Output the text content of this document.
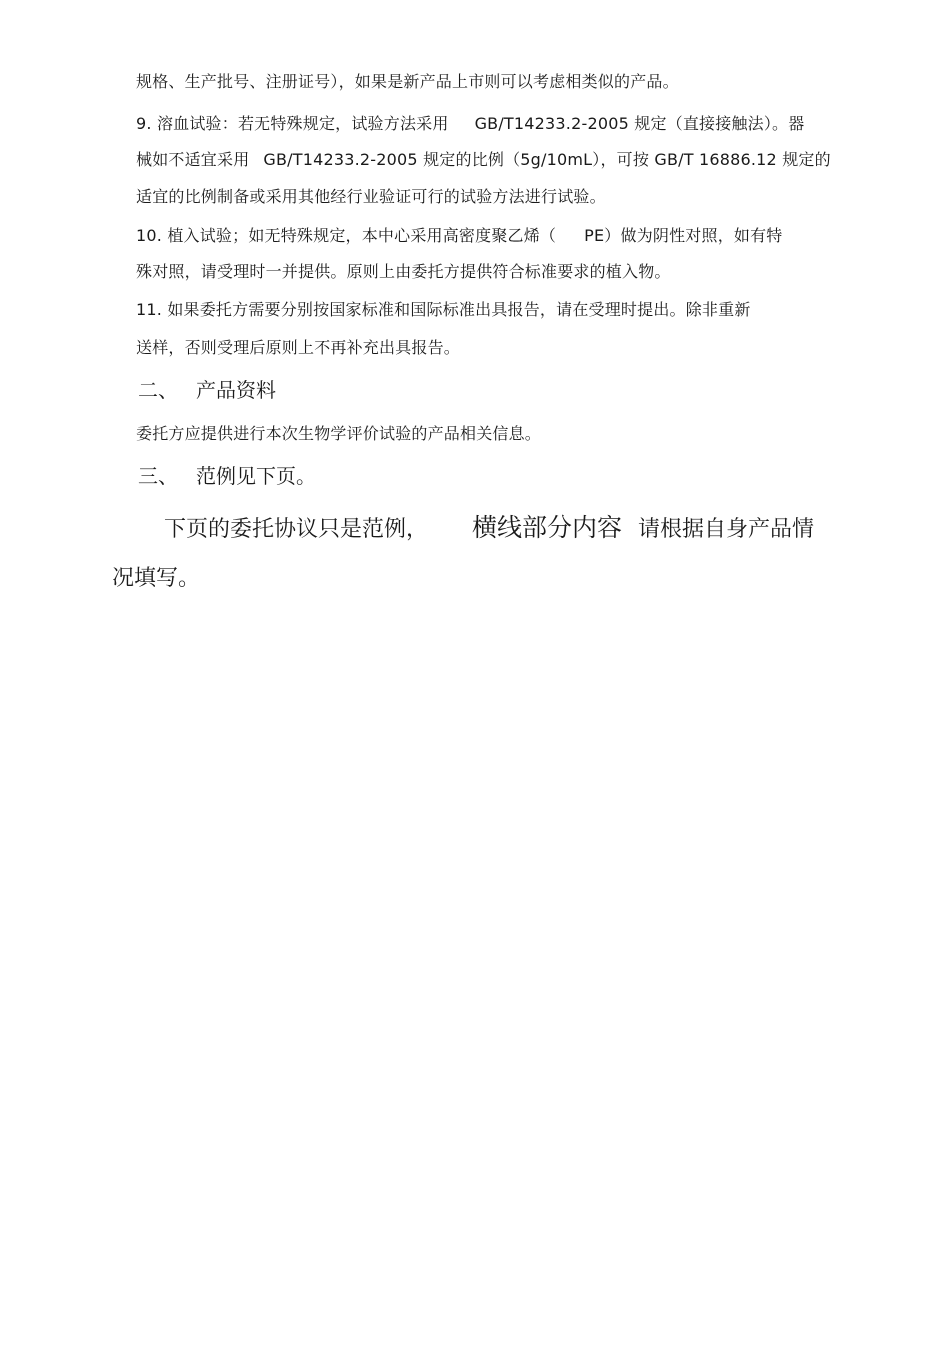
规格、生产批号、注册证号），如果是新产品上市则可以考虑相类似的产品。
9. 溶血试验：若无特殊规定，试验方法采用 GB/T14233.2-2005 规定（直接接触法）。器
械如不适宜采用 GB/T14233.2-2005 规定的比例（5g/10mL），可按 GB/T 16886.12 规定的
适宜的比例制备或采用其他经行业验证可行的试验方法进行试验。
10. 植入试验；如无特殊规定，本中心采用高密度聚乙烯（ PE）做为阴性对照，如有特
殊对照，请受理时一并提供。原则上由委托方提供符合标准要求的植入物。
11. 如果委托方需要分别按国家标准和国际标准出具报告，请在受理时提出。除非重新
送样，否则受理后原则上不再补充出具报告。
二、 产品资料
委托方应提供进行本次生物学评价试验的产品相关信息。
三、 范例见下页。
下页的委托协议只是范例， 横线部分内容 请根据自身产品情
况填写。
